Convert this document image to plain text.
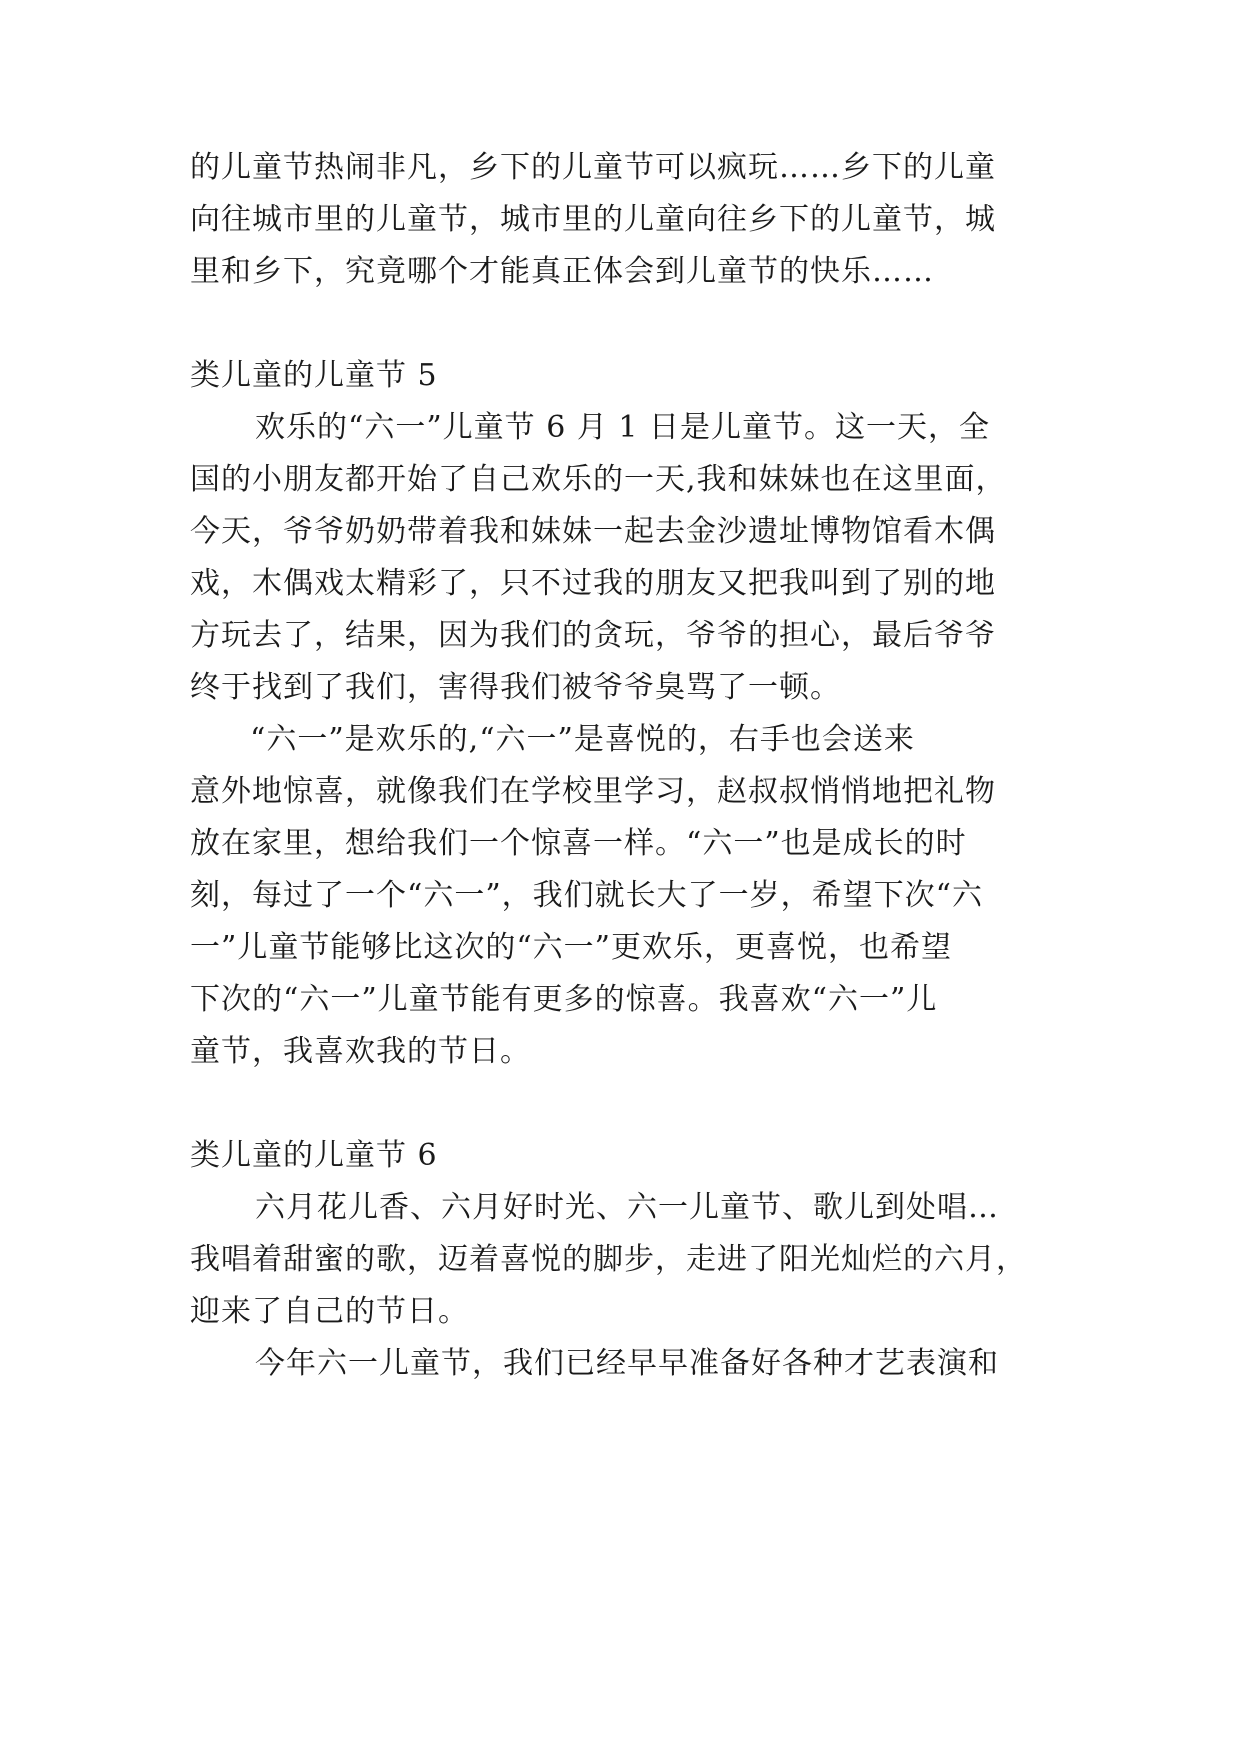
的儿童节热闹非凡，乡下的儿童节可以疯玩……乡下的儿童
向往城市里的儿童节，城市里的儿童向往乡下的儿童节，城
里和乡下，究竟哪个才能真正体会到儿童节的快乐……
类儿童的儿童节 5
欢乐的“六一”儿童节 6 月 1 日是儿童节。这一天，全
国的小朋友都开始了自己欢乐的一天,我和妹妹也在这里面，
今天，爷爷奶奶带着我和妹妹一起去金沙遗址博物馆看木偶
戏，木偶戏太精彩了，只不过我的朋友又把我叫到了别的地
方玩去了，结果，因为我们的贪玩，爷爷的担心，最后爷爷
终于找到了我们，害得我们被爷爷臭骂了一顿。
“六一”是欢乐的,“六一”是喜悦的，右手也会送来
意外地惊喜，就像我们在学校里学习，赵叔叔悄悄地把礼物
放在家里，想给我们一个惊喜一样。“六一”也是成长的时
刻，每过了一个“六一”，我们就长大了一岁，希望下次“六
一”儿童节能够比这次的“六一”更欢乐，更喜悦，也希望
下次的“六一”儿童节能有更多的惊喜。我喜欢“六一”儿
童节，我喜欢我的节日。
类儿童的儿童节 6
六月花儿香、六月好时光、六一儿童节、歌儿到处唱…
我唱着甜蜜的歌，迈着喜悦的脚步，走进了阳光灿烂的六月，
迎来了自己的节日。
今年六一儿童节，我们已经早早准备好各种才艺表演和
